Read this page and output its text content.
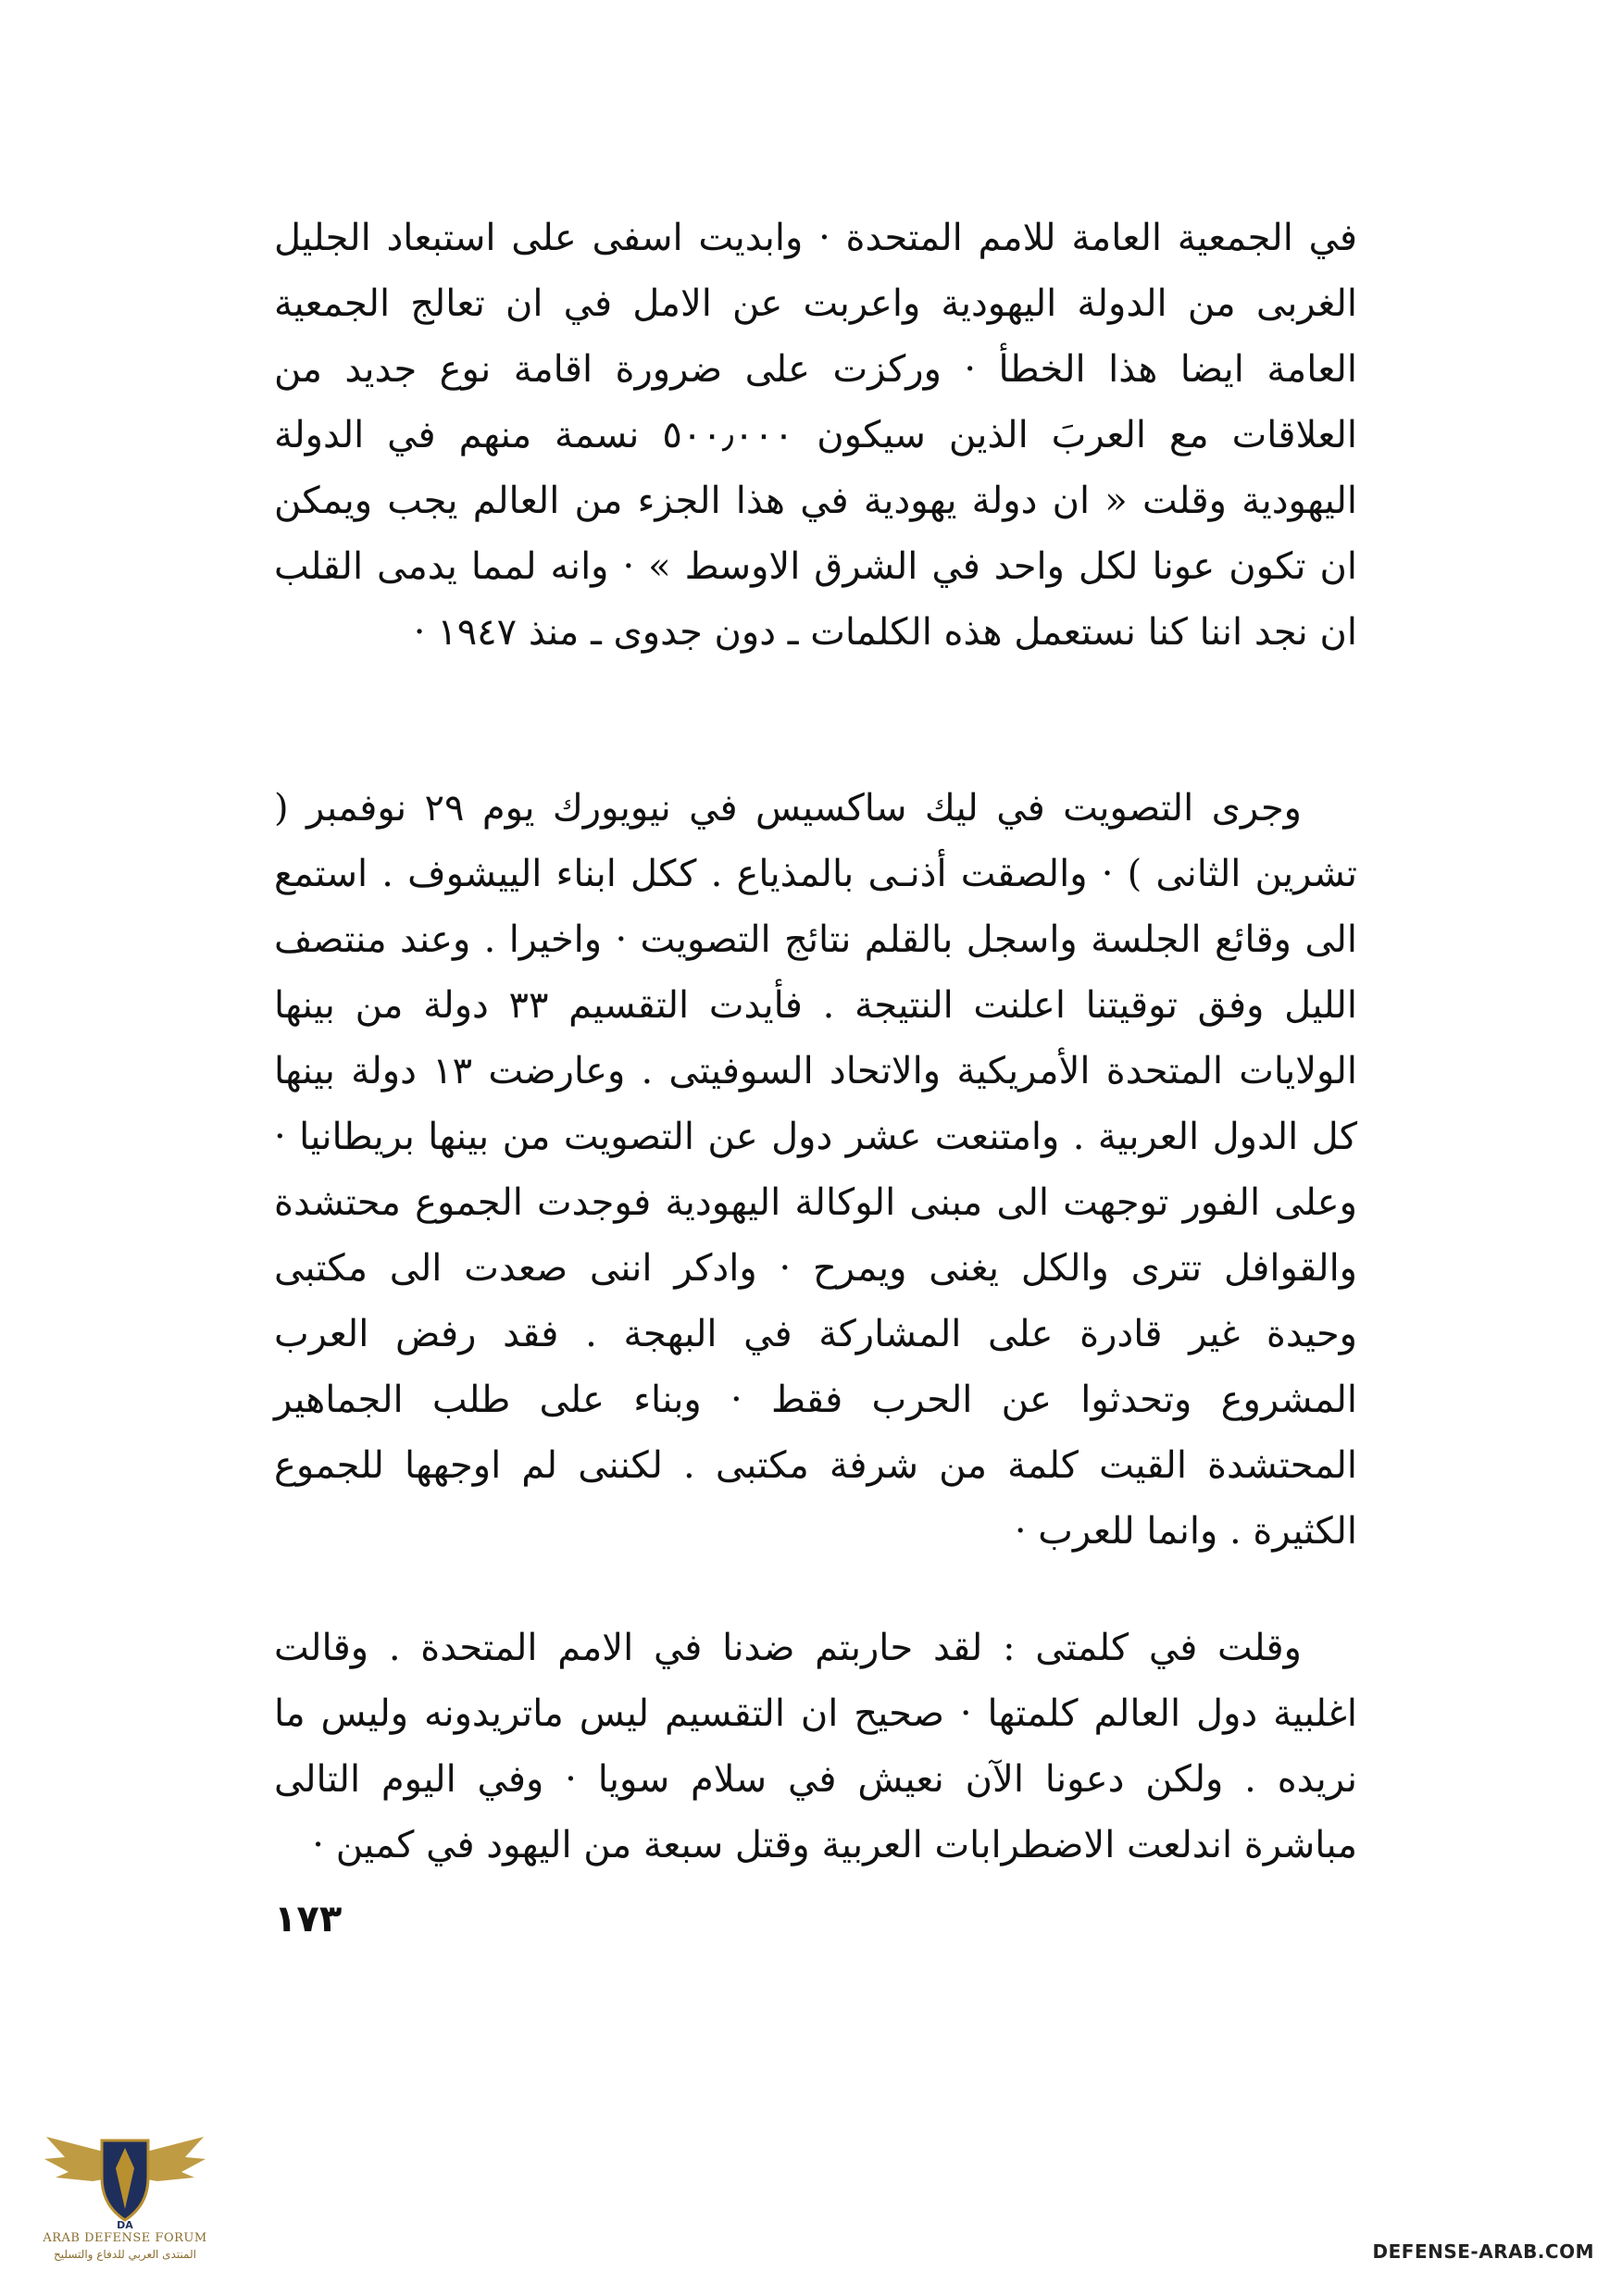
في الجمعية العامة للامم المتحدة · وابديت اسفى على استبعاد الجليل الغربى من الدولة اليهودية واعربت عن الامل في ان تعالج الجمعية العامة ايضا هذا الخطأ · وركزت على ضرورة اقامة نوع جديد من العلاقات مع العربَ الذين سيكون ٥٠٠٫٠٠٠ نسمة منهم في الدولة اليهودية وقلت « ان دولة يهودية في هذا الجزء من العالم يجب ويمكن ان تكون عونا لكل واحد في الشرق الاوسط » · وانه لمما يدمى القلب ان نجد اننا كنا نستعمل هذه الكلمات ـ دون جدوى ـ منذ ١٩٤٧ ·

وجرى التصويت في ليك ساكسيس في نيويورك يوم ٢٩ نوفمبر ( تشرين الثانى ) · والصقت أذنـى بالمذياع . ككل ابناء اليیشوف . استمع الى وقائع الجلسة واسجل بالقلم نتائج التصويت · واخيرا . وعند منتصف الليل وفق توقيتنا اعلنت النتيجة . فأيدت التقسيم ٣٣ دولة من بينها الولايات المتحدة الأمريكية والاتحاد السوفيتى . وعارضت ١٣ دولة بينها كل الدول العربية . وامتنعت عشر دول عن التصويت من بينها بريطانيا · وعلى الفور توجهت الى مبنى الوكالة اليهودية فوجدت الجموع محتشدة والقوافل تترى والكل يغنى ويمرح · وادكر اننى صعدت الى مكتبى وحيدة غير قادرة على المشاركة في البهجة . فقد رفض العرب المشروع وتحدثوا عن الحرب فقط · وبناء على طلب الجماهير المحتشدة القيت كلمة من شرفة مكتبى . لكننى لم اوجهها للجموع الكثيرة . وانما للعرب ·

وقلت في كلمتى : لقد حاربتم ضدنا في الامم المتحدة . وقالت اغلبية دول العالم كلمتها · صحيح ان التقسيم ليس ماتريدونه وليس ما نريده . ولكن دعونا الآن نعيش في سلام سويا · وفي اليوم التالى مباشرة اندلعت الاضطرابات العربية وقتل سبعة من اليهود في كمين ·

١٧٣
DA
ARAB DEFENSE FORUM
المنتدى العربي للدفاع والتسليح	DEFENSE-ARAB.COM
